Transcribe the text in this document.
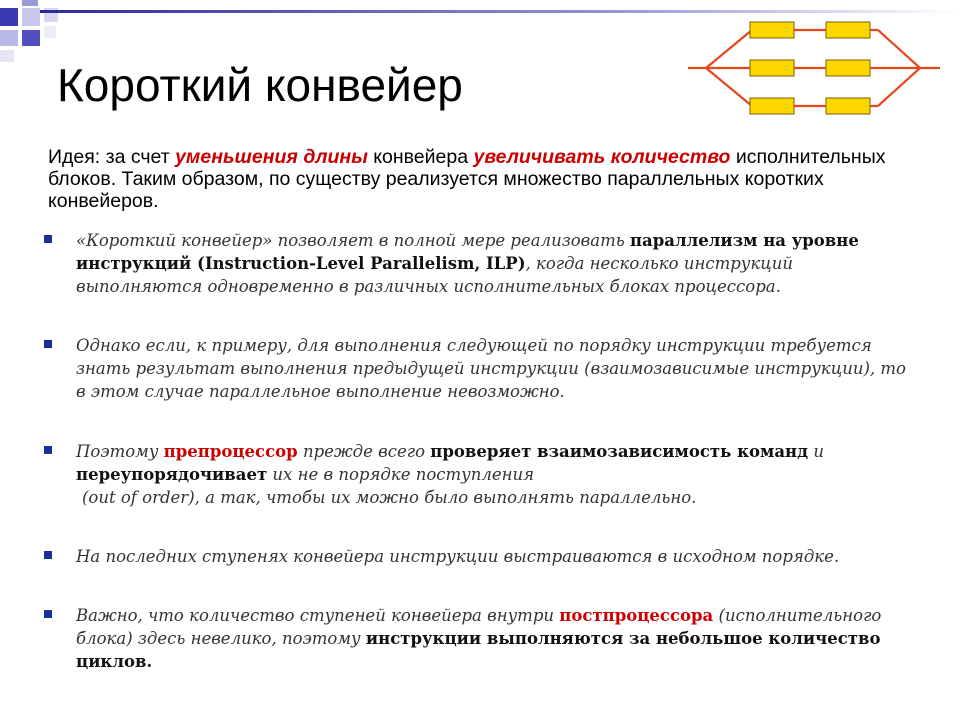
Короткий конвейер
Идея: за счет уменьшения длины конвейера увеличивать количество исполнительных блоков. Таким образом, по существу реализуется множество параллельных коротких конвейеров.
«Короткий конвейер» позволяет в полной мере реализовать параллелизм на уровне инструкций (Instruction-Level Parallelism, ILP), когда несколько инструкций выполняются одновременно в различных исполнительных блоках процессора.
Однако если, к примеру, для выполнения следующей по порядку инструкции требуется знать результат выполнения предыдущей инструкции (взаимозависимые инструкции), то в этом случае параллельное выполнение невозможно.
Поэтому препроцессор прежде всего проверяет взаимозависимость команд и переупорядочивает их не в порядке поступления
(out of order), а так, чтобы их можно было выполнять параллельно.
На последних ступенях конвейера инструкции выстраиваются в исходном порядке.
Важно, что количество ступеней конвейера внутри постпроцессора (исполнительного блока) здесь невелико, поэтому инструкции выполняются за небольшое количество циклов.
